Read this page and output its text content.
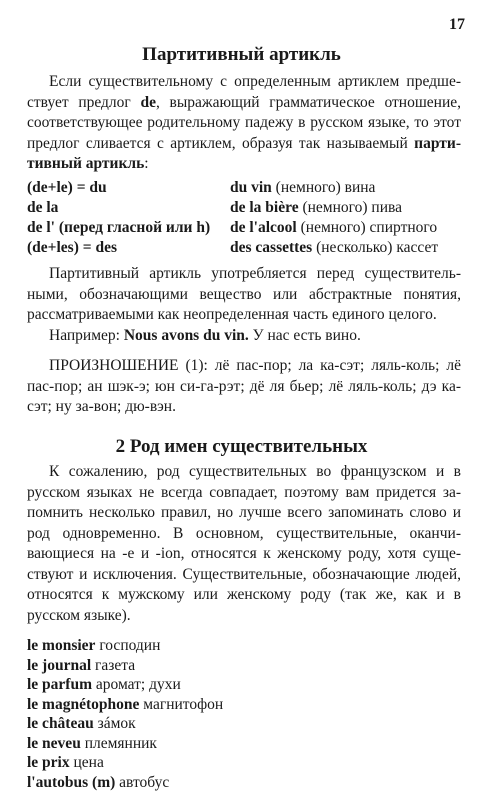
17
Партитивный артикль
Если существительному с определенным артиклем предшествует предлог de, выражающий грамматическое отношение, соответствующее родительному падежу в русском языке, то этот предлог сливается с артиклем, образуя так называемый партитивный артикль:
(de+le) = du	du vin (немного) вина
de la	de la bière (немного) пива
de l' (перед гласной или h)	de l'alcool (немного) спиртного
(de+les) = des	des cassettes (несколько) кассет
Партитивный артикль употребляется перед существительными, обозначающими вещество или абстрактные понятия, рассматриваемыми как неопределенная часть единого целого.
Например: Nous avons du vin. У нас есть вино.
ПРОИЗНОШЕНИЕ (1): лё пас-пор; ла ка-сэт; ляль-коль; лё пас-пор; ан шэк-э; юн си-га-рэт; дё ля бьер; лё ляль-коль; дэ ка-сэт; ну за-вон; дю-вэн.
2 Род имен существительных
К сожалению, род существительных во французском и в русском языках не всегда совпадает, поэтому вам придется запомнить несколько правил, но лучше всего запоминать слово и род одновременно. В основном, существительные, оканчивающиеся на -e и -ion, относятся к женскому роду, хотя существуют и исключения. Существительные, обозначающие людей, относятся к мужскому или женскому роду (так же, как и в русском языке).
le monsier господин
le journal газета
le parfum аромат; духи
le magnétophone магнитофон
le château зáмок
le neveu племянник
le prix цена
l'autobus (m) автобус
